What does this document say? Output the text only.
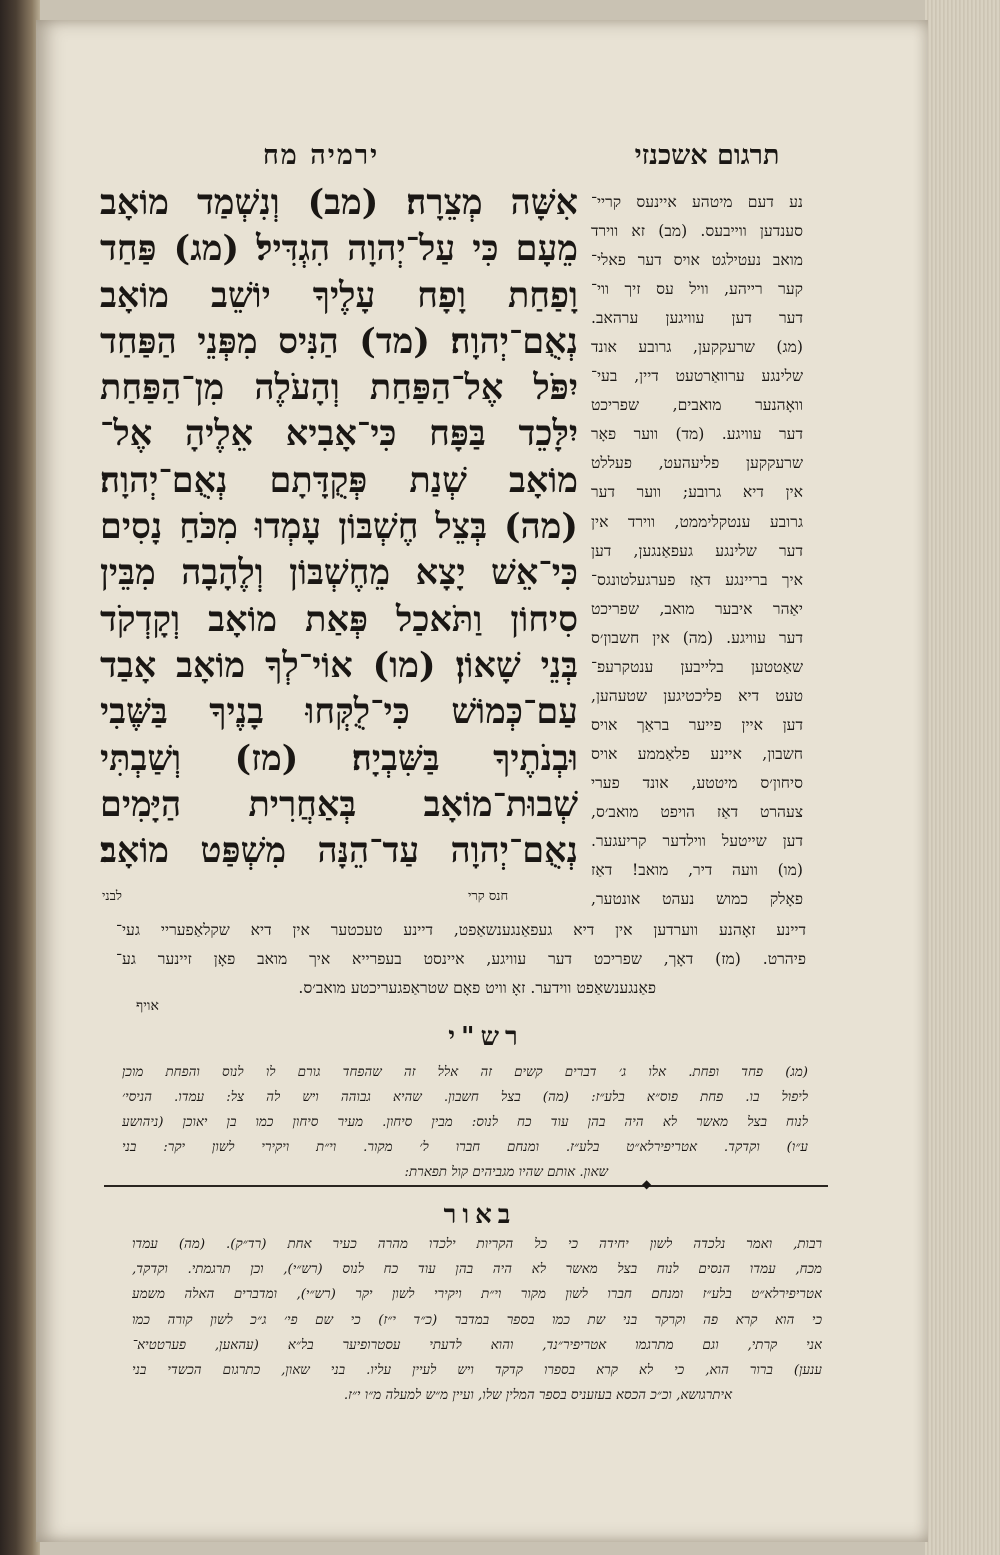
ירמיה מח	תרגום אשכנזי
אִשָּׁה מְצֵרָה׃ (מב) וְנִשְׁמַד מוֹאָב
מֵעָם כִּי עַל־יְהוָה הִגְדִּיל׃ (מג) פַּחַד
וָפַחַת וָפָח עָלֶיךָ יוֹשֵׁב מוֹאָב
נְאֻם־יְהוָה׃ (מד) הַנִּיס מִפְּנֵי הַפַּחַד
יִפֹּל אֶל־הַפַּחַת וְהָעֹלֶה מִן־הַפַּחַת
יִלָּכֵד בַּפָּח כִּי־אָבִיא אֵלֶיהָ אֶל־
מוֹאָב שְׁנַת פְּקֻדָּתָם נְאֻם־יְהוָה׃
(מה) בְּצֵל חֶשְׁבּוֹן עָמְדוּ מִכֹּחַ נָסִים
כִּי־אֵשׁ יָצָא מֵחֶשְׁבּוֹן וְלֶהָבָה מִבֵּין
סִיחוֹן וַתֹּאכַל פְּאַת מוֹאָב וְקָדְקֹד
בְּנֵי שָׁאוֹן׃ (מו) אוֹי־לְךָ מוֹאָב אָבַד
עַם־כְּמוֹשׁ כִּי־לֻקְּחוּ בָנֶיךָ בַּשֶּׁבִי
וּבְנֹתֶיךָ בַּשִּׁבְיָה׃ (מז) וְשַׁבְתִּי
שְׁבוּת־מוֹאָב בְּאַחֲרִית הַיָּמִים
נְאֻם־יְהוָה עַד־הֵנָּה מִשְׁפַּט מוֹאָב׃
נע דעם מיטהע איינעס קריי־
סענדען ווייבעס. (מב) זא ווירד
מואב נעטילגט אויס דער פאלי־
קער רייהע, וויל עס זיך ווי־
דער דען עוויגען ערהאב.
(מג) שרעקקען, גרובע אונד
שלינגע ערוואַרטעט דיין, בעי־
וואָהנער מואבים, שפריכט
דער עוויגע. (מד) ווער פאָר
שרעקקען פליעהעט, פעללט
אין דיא גרובע; ווער דער
גרובע ענטקליממט, ווירד אין
דער שלינגע געפאַנגען, דען
איך בריינגע דאַז פערגעלטונגס־
יאַהר איבער מואב, שפריכט
דער עוויגע. (מה) אין חשבון׳ס
שאַטטען בלייבען ענטקרעפ־
טעט דיא פליכטיגען שטעהען,
דען איין פייער בראַך אויס
חשבון, איינע פלאַממע אויס
סיחון׳ס מיטטע, אונד פערי
צעהרט דאַז הויפט מואב׳ס,
דען שייטעל ווילדער קריעגער.
(מו) וועה דיר, מואב! דאַז
פאָלק כמוש נעהט אונטער,
לבני	חנס קרי
דיינע זאָהנע ווערדען אין דיא געפאַנגענשאַפט, דיינע טעכטער אין דיא שקלאַפעריי געי־
פיהרט. (מז) דאָך, שפריכט דער עוויגע, איינסט בעפרייא איך מואב פאָן זיינער גע־
פאַנגענשאַפט ווידער. זאָ וויט פאָם שטראַפגעריכטע מואב׳ס.
אויף
רש"י
(מג) פחד ופחת. אלו ג׳ דברים קשים זה אלל זה שהפחד גורם לו לנוס והפחת מוכן
ליפול בו. פחת פוס״א בלע״ז: (מה) בצל חשבון. שהיא גבוהה ויש לה צל: עמדו. הניסי׳
לנוח בצל מאשר לא היה בהן עוד כח לנוס: מבין סיחון. מעיר סיחון כמו בן יאוכן (ניהושע
ע״ו) וקדקד. אטריפירלא״ט בלע״ז. ומנחם חברו ל׳ מקור. וי״ת ויקירי לשון יקר: בני
שאון. אותם שהיו מגביהים קול תפארת:
◆
באור
רבות, ואמר נלכדה לשון יחידה כי כל הקריות ילכדו מהרה כעיר אחת (רד״ק). (מה) עמדו
מכח, עמדו הנסים לנוח בצל מאשר לא היה בהן עוד כח לנוס (רש״י), וכן תרגמתי. וקדקד,
אטריפירלא״ט בלע״ז ומנחם חברו לשון מקור וי״ת ויקירי לשון יקר (רש״י), ומדברים האלה משמע
כי הוא קרא פה וקרקר בני שת כמו בספר במדבר (כ״ד י״ז) כי שם פי׳ ג״כ לשון קורה כמו
אני קרתי, וגם מתרגמו אטריפיר״נד, והוא לדעתי עסטרופיער בל״א (עהאען, פערטטיא־
ענען) ברור הוא, כי לא קרא בספרו קדקד ויש לעיין עליו. בני שאון, כתרגום הכשדי בני
איתרגושא, וכ״כ הכסא בעזעניס בספר המלין שלו, ועיין מ״ש למעלה מ״ו י״ז.
